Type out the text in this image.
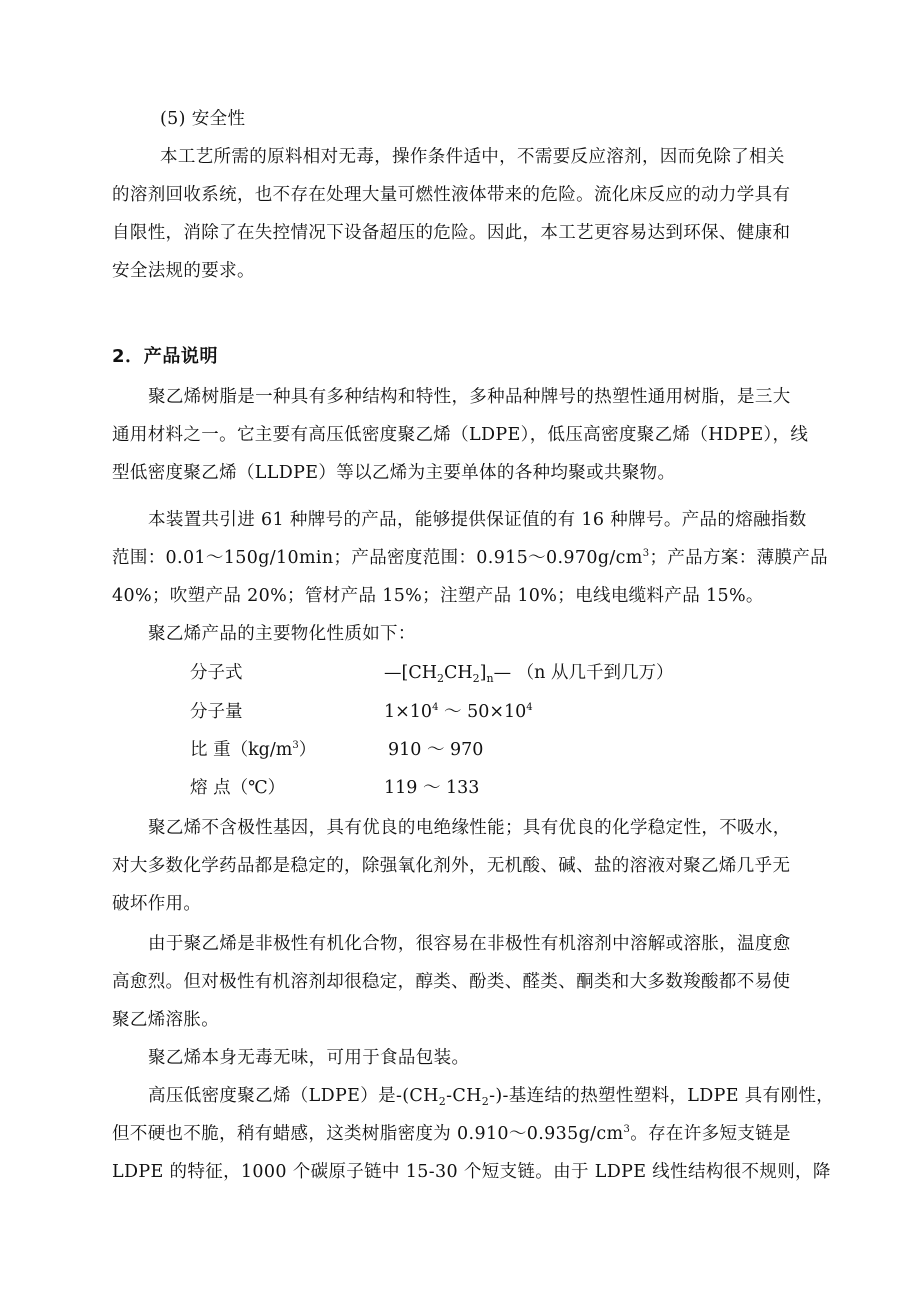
(5) 安全性
本工艺所需的原料相对无毒，操作条件适中，不需要反应溶剂，因而免除了相关
的溶剂回收系统，也不存在处理大量可燃性液体带来的危险。流化床反应的动力学具有
自限性，消除了在失控情况下设备超压的危险。因此，本工艺更容易达到环保、健康和
安全法规的要求。
2．产品说明
聚乙烯树脂是一种具有多种结构和特性，多种品种牌号的热塑性通用树脂，是三大
通用材料之一。它主要有高压低密度聚乙烯（LDPE），低压高密度聚乙烯（HDPE），线
型低密度聚乙烯（LLDPE）等以乙烯为主要单体的各种均聚或共聚物。
本装置共引进 61 种牌号的产品，能够提供保证值的有 16 种牌号。产品的熔融指数
范围：0.01～150g/10min；产品密度范围：$0.915\sim 0.970g/cm^3$；产品方案：薄膜产品
40%；吹塑产品 20%；管材产品 15%；注塑产品 10%；电线电缆料产品 15%。
聚乙烯产品的主要物化性质如下：
分子式	$—[CH_2CH_2]_n—$ （n 从几千到几万）
分子量	$1\times 10^4$ ～ $50\times 10^4$
比 重$(kg/m^3)$	910 ～ 970
熔 点（℃）	119 ～ 133
聚乙烯不含极性基因，具有优良的电绝缘性能；具有优良的化学稳定性，不吸水，
对大多数化学药品都是稳定的，除强氧化剂外，无机酸、碱、盐的溶液对聚乙烯几乎无
破坏作用。
由于聚乙烯是非极性有机化合物，很容易在非极性有机溶剂中溶解或溶胀，温度愈
高愈烈。但对极性有机溶剂却很稳定，醇类、酚类、醛类、酮类和大多数羧酸都不易使
聚乙烯溶胀。
聚乙烯本身无毒无味，可用于食品包装。
高压低密度聚乙烯（LDPE）是$-(CH_2-CH_2-)-$基连结的热塑性塑料，LDPE 具有刚性，
但不硬也不脆，稍有蜡感，这类树脂密度为 $0.910\sim 0.935g/cm^3$。存在许多短支链是
LDPE 的特征，1000 个碳原子链中 15-30 个短支链。由于 LDPE 线性结构很不规则，降
